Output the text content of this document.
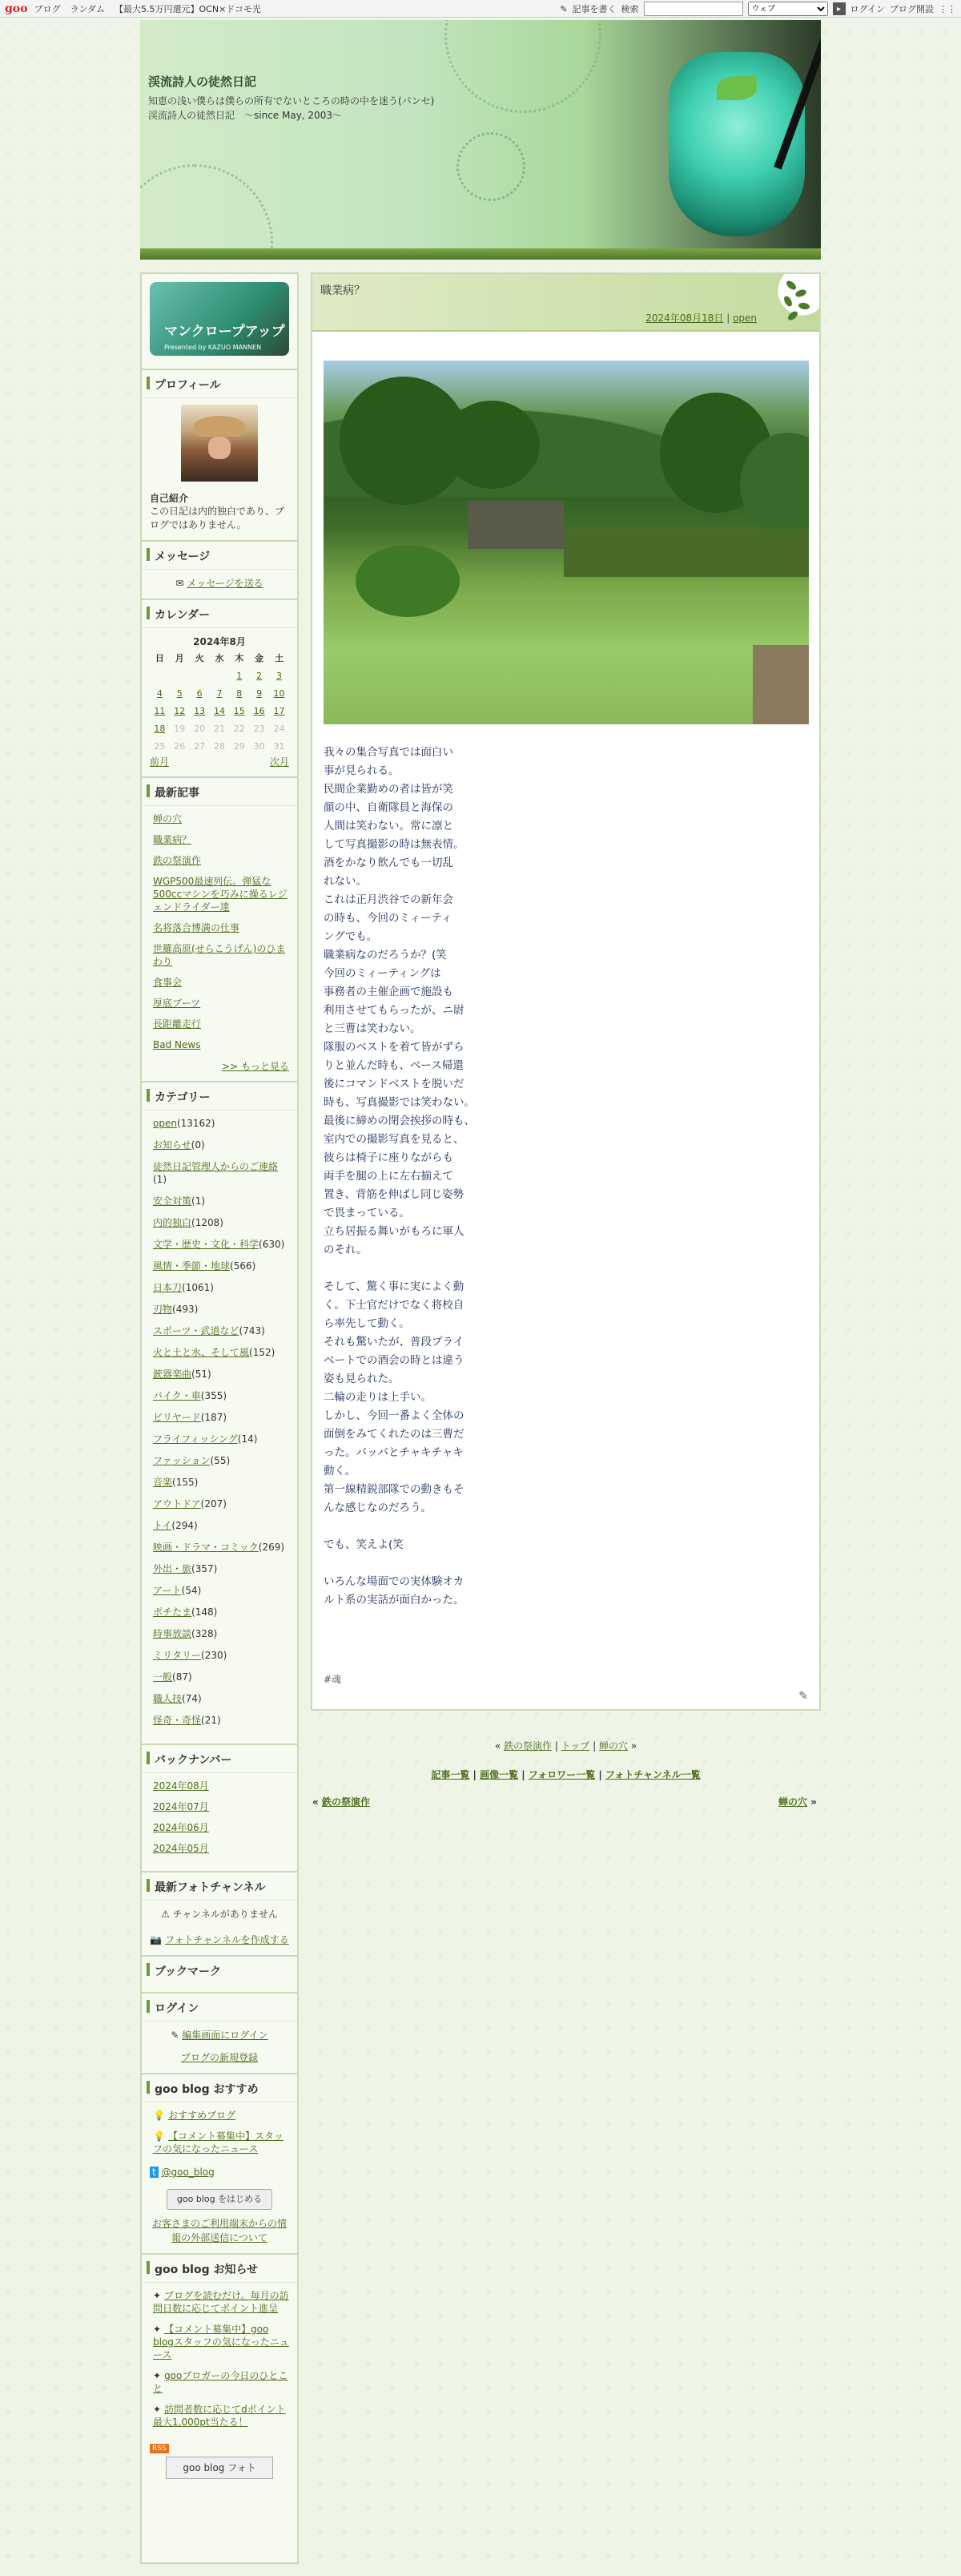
goo ブログ ランダム 【最大5.5万円還元】OCN×ドコモ光	✎ 記事を書く 検索
ウェブ	▸	ログイン ブログ開設 ⋮⋮
渓流詩人の徒然日記
知恵の浅い僕らは僕らの所有でないところの時の中を迷う(パンセ)　渓流詩人の徒然日記　～since May, 2003～
マンクロープアップ
Presented by KAZUO MANNEN
プロフィール
自己紹介
この日記は内的独白であり、ブログではありません。
メッセージ
✉ メッセージを送る
カレンダー
2024年8月
日	月	火	水	木	金	土
				1	2	3
4	5	6	7	8	9	10
11	12	13	14	15	16	17
18	19	20	21	22	23	24
25	26	27	28	29	30	31
前月	次月
最新記事
蝉の穴
職業病？
鉄の祭演作
WGP500最速列伝。弾猛な500ccマシンを巧みに操るレジェンドライダー達
名将落合博満の仕事
世羅高原(せらこうげん)のひまわり
食事会
厚底ブーツ
長距離走行
Bad News
>> もっと見る
カテゴリー
open(13162)
お知らせ(0)
徒然日記管理人からのご連絡(1)
安全対策(1)
内的独白(1208)
文学・歴史・文化・科学(630)
風情・季節・地球(566)
日本刀(1061)
刃物(493)
スポーツ・武道など(743)
火と土と水、そして風(152)
銃器楽曲(51)
バイク・車(355)
ビリヤード(187)
フライフィッシング(14)
ファッション(55)
音楽(155)
アウトドア(207)
トイ(294)
映画・ドラマ・コミック(269)
外出・旅(357)
アート(54)
ポチたま(148)
時事放談(328)
ミリタリー(230)
一般(87)
職人技(74)
怪奇・奇怪(21)
バックナンバー
2024年08月
2024年07月
2024年06月
2024年05月
最新フォトチャンネル
⚠ チャンネルがありません
📷 フォトチャンネルを作成する
ブックマーク
ログイン
✎ 編集画面にログイン
ブログの新規登録
goo blog おすすめ
💡 おすすめブログ
💡 【コメント募集中】スタッフの気になったニュース
t @goo_blog
goo blog をはじめる
お客さまのご利用端末からの情報の外部送信について
goo blog お知らせ
✦ ブログを読むだけ。毎月の訪問日数に応じてポイント進呈
✦ 【コメント募集中】goo blogスタッフの気になったニュース
✦ gooブロガーの今日のひとこと
✦ 訪問者数に応じてdポイント最大1,000pt当たる！
RSS
goo blog フォト
職業病？
2024年08月18日 | open
我々の集合写真では面白い
事が見られる。
民間企業勤めの者は皆が笑
顔の中、自衛隊員と海保の
人間は笑わない。常に凛と
して写真撮影の時は無表情。
酒をかなり飲んでも一切乱
れない。
これは正月渋谷での新年会
の時も、今回のミィーティ
ングでも。
職業病なのだろうか？(笑
今回のミィーティングは
事務者の主催企画で施設も
利用させてもらったが、ニ尉
と三曹は笑わない。
隊服のベストを着て皆がずら
りと並んだ時も、ベース帰還
後にコマンドベストを脱いだ
時も、写真撮影では笑わない。
最後に締めの閉会挨拶の時も、
室内での撮影写真を見ると、
彼らは椅子に座りながらも
両手を腿の上に左右揃えて
置き、背筋を伸ばし同じ姿勢
で畏まっている。
立ち居振る舞いがもろに軍人
のそれ。

そして、驚く事に実によく動
く。下士官だけでなく将校自
ら率先して動く。
それも驚いたが、普段プライ
ベートでの酒会の時とは違う
姿も見られた。
二輪の走りは上手い。
しかし、今回一番よく全体の
面倒をみてくれたのは三曹だ
った。パッパとチャキチャキ
動く。
第一線精鋭部隊での動きもそ
んな感じなのだろう。

でも、笑えよ(笑

いろんな場面での実体験オカ
ルト系の実話が面白かった。
#魂
✎
« 鉄の祭演作 | トップ | 蝉の穴 »
記事一覧 | 画像一覧 | フォロワー一覧 | フォトチャンネル一覧
« 鉄の祭演作	蝉の穴 »
